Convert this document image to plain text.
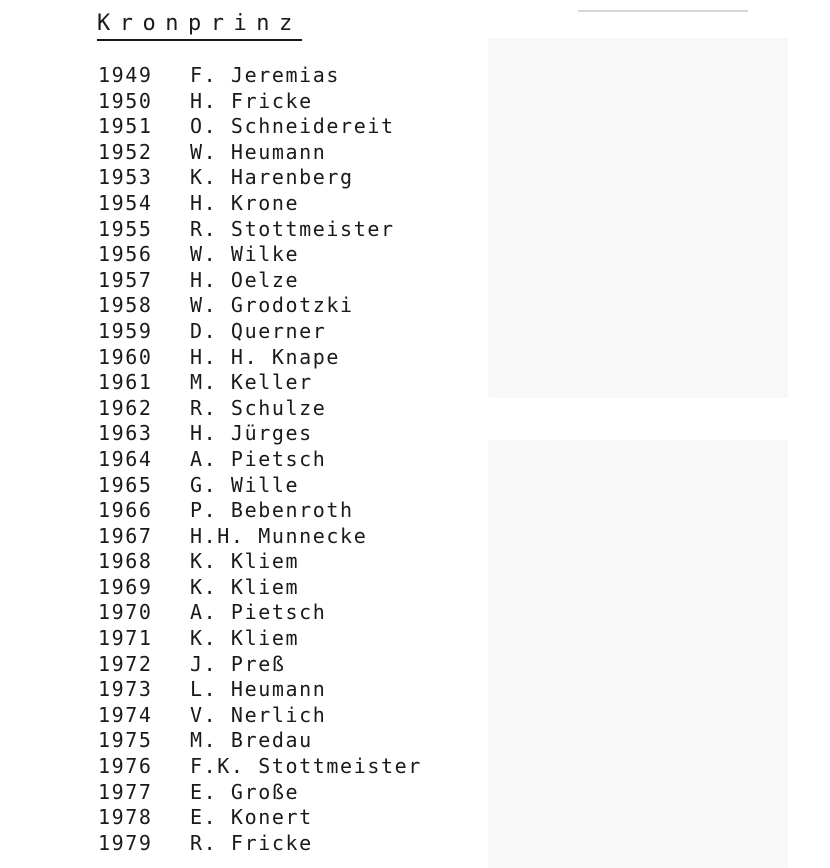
Kronprinz
1949 F. Jeremias
1950 H. Fricke
1951 O. Schneidereit
1952 W. Heumann
1953 K. Harenberg
1954 H. Krone
1955 R. Stottmeister
1956 W. Wilke
1957 H. Oelze
1958 W. Grodotzki
1959 D. Querner
1960 H. H. Knape
1961 M. Keller
1962 R. Schulze
1963 H. Jürges
1964 A. Pietsch
1965 G. Wille
1966 P. Bebenroth
1967 H.H. Munnecke
1968 K. Kliem
1969 K. Kliem
1970 A. Pietsch
1971 K. Kliem
1972 J. Preß
1973 L. Heumann
1974 V. Nerlich
1975 M. Bredau
1976 F.K. Stottmeister
1977 E. Große
1978 E. Konert
1979 R. Fricke
